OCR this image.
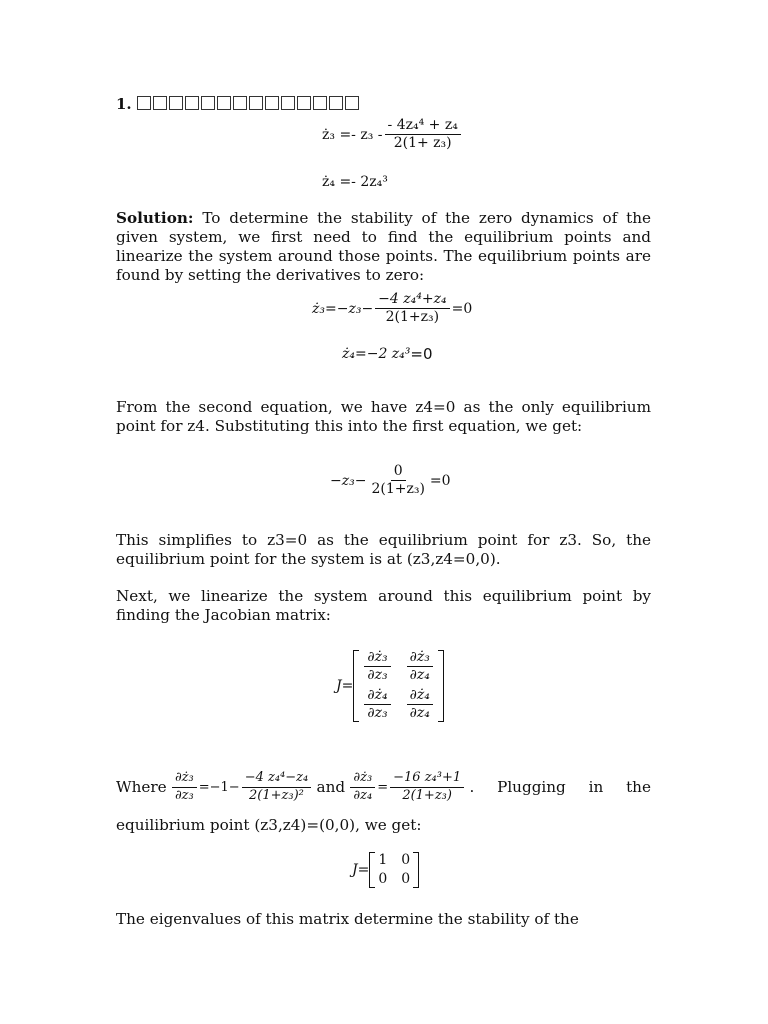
1.
ż₃ =- $z_3 - \frac{\text{- 4z₄⁴ + z₄}}{\text{2(1+ z₃)}}$
ż₄ =- 2z₄³
Solution: To determine the stability of the zero dynamics of the given system, we first need to find the equilibrium points and linearize the system around those points. The equilibrium points are found by setting the derivatives to zero:
ż₃=−z₃− $\frac{\text{−4 z₄⁴+z₄}}{\text{2(1+z₃)}} =0$
ż₄=−2 z₄³ =0
From the second equation, we have z4=0 as the only equilibrium point for z4. Substituting this into the first equation, we get:
$-z_3- \frac{0}{\text{2(1+z₃)}} =0$
This simplifies to z3=0 as the equilibrium point for z3. So, the equilibrium point for the system is at (z3,z4=0,0).
Next, we linearize the system around this equilibrium point by finding the Jacobian matrix:
J=
$\frac{\text{∂ż₃}}{\text{∂z₃}} \frac{\text{∂ż₃}}{\text{∂z₄}}$
$\frac{\text{∂ż₄}}{\text{∂z₃}} \frac{\text{∂ż₄}}{\text{∂z₄}}$
Where $\frac{\text{∂ż₃}}{\text{∂z₃}} =-1- \frac{\text{−4 z₄⁴−z₄}}{\text{2(1+z₃)²}}$ and $\frac{\text{∂ż₃}}{\text{∂z₄}} = \frac{\text{−16 z₄³+1}}{\text{2(1+z₃)}}$ . Plugging in the
equilibrium point (z3,z4)=(0,0), we get:
J=
1 0
0 0
The eigenvalues of this matrix determine the stability of the
